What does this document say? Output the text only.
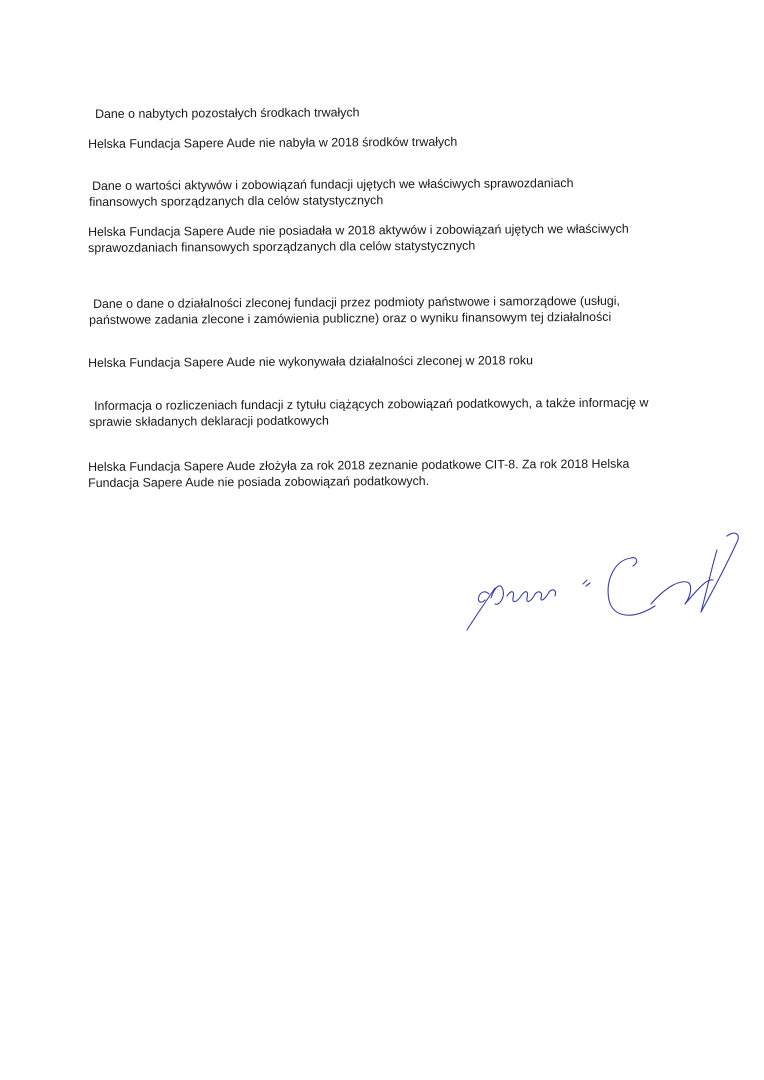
Dane o nabytych pozostałych środkach trwałych
Helska Fundacja Sapere Aude nie nabyła w 2018 środków trwałych
Dane o wartości aktywów i zobowiązań fundacji ujętych we właściwych sprawozdaniach
finansowych sporządzanych dla celów statystycznych
Helska Fundacja Sapere Aude nie posiadała w 2018 aktywów i zobowiązań ujętych we właściwych
sprawozdaniach finansowych sporządzanych dla celów statystycznych
Dane o dane o działalności zleconej fundacji przez podmioty państwowe i samorządowe (usługi,
państwowe zadania zlecone i zamówienia publiczne) oraz o wyniku finansowym tej działalności
Helska Fundacja Sapere Aude nie wykonywała działalności zleconej w 2018 roku
Informacja o rozliczeniach fundacji z tytułu ciążących zobowiązań podatkowych, a także informację w
sprawie składanych deklaracji podatkowych
Helska Fundacja Sapere Aude złożyła za rok 2018 zeznanie podatkowe CIT-8. Za rok 2018 Helska
Fundacja Sapere Aude nie posiada zobowiązań podatkowych.
